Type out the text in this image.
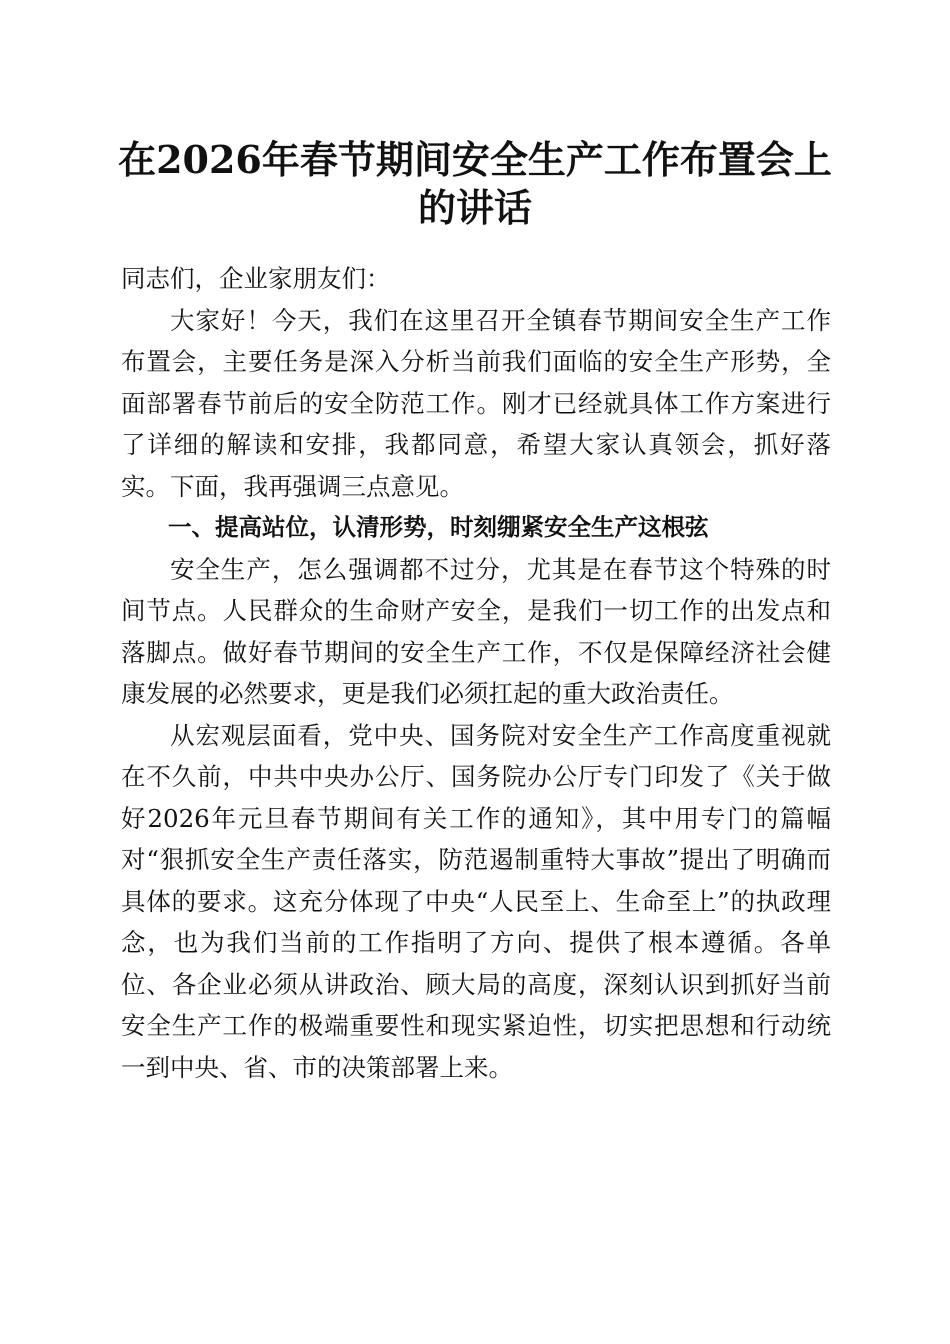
在2026年春节期间安全生产工作布置会上的讲话

同志们，企业家朋友们：

大家好！今天，我们在这里召开全镇春节期间安全生产工作布置会，主要任务是深入分析当前我们面临的安全生产形势，全面部署春节前后的安全防范工作。刚才已经就具体工作方案进行了详细的解读和安排，我都同意，希望大家认真领会，抓好落实。下面，我再强调三点意见。

一、提高站位，认清形势，时刻绷紧安全生产这根弦

安全生产，怎么强调都不过分，尤其是在春节这个特殊的时间节点。人民群众的生命财产安全，是我们一切工作的出发点和落脚点。做好春节期间的安全生产工作，不仅是保障经济社会健康发展的必然要求，更是我们必须扛起的重大政治责任。

从宏观层面看，党中央、国务院对安全生产工作高度重视就在不久前，中共中央办公厅、国务院办公厅专门印发了《关于做好2026年元旦春节期间有关工作的通知》，其中用专门的篇幅对“狠抓安全生产责任落实，防范遏制重特大事故”提出了明确而具体的要求。这充分体现了中央“人民至上、生命至上”的执政理念，也为我们当前的工作指明了方向、提供了根本遵循。各单位、各企业必须从讲政治、顾大局的高度，深刻认识到抓好当前安全生产工作的极端重要性和现实紧迫性，切实把思想和行动统一到中央、省、市的决策部署上来。
